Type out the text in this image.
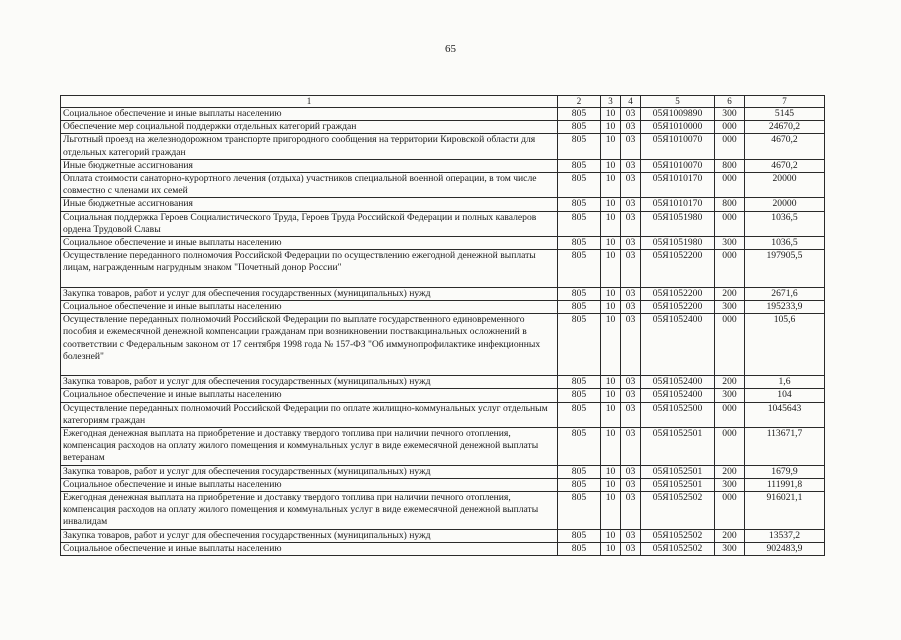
65
1	2	3	4	5	6	7
Социальное обеспечение и иные выплаты населению	805	10	03	05Я1009890	300	5145
Обеспечение мер социальной поддержки отдельных категорий граждан	805	10	03	05Я1010000	000	24670,2
Льготный проезд на железнодорожном транспорте пригородного сообщения на территории Кировской области для отдельных категорий граждан	805	10	03	05Я1010070	000	4670,2
Иные бюджетные ассигнования	805	10	03	05Я1010070	800	4670,2
Оплата стоимости санаторно-курортного лечения (отдыха) участников специальной военной операции, в том числе совместно с членами их семей	805	10	03	05Я1010170	000	20000
Иные бюджетные ассигнования	805	10	03	05Я1010170	800	20000
Социальная поддержка Героев Социалистического Труда, Героев Труда Российской Федерации и полных кавалеров ордена Трудовой Славы	805	10	03	05Я1051980	000	1036,5
Социальное обеспечение и иные выплаты населению	805	10	03	05Я1051980	300	1036,5
Осуществление переданного полномочия Российской Федерации по осуществлению ежегодной денежной выплаты лицам, награжденным нагрудным знаком "Почетный донор России"	805	10	03	05Я1052200	000	197905,5
Закупка товаров, работ и услуг для обеспечения государственных (муниципальных) нужд	805	10	03	05Я1052200	200	2671,6
Социальное обеспечение и иные выплаты населению	805	10	03	05Я1052200	300	195233,9
Осуществление переданных полномочий Российской Федерации по выплате государственного единовременного пособия и ежемесячной денежной компенсации гражданам при возникновении поствакцинальных осложнений в соответствии с Федеральным законом от 17 сентября 1998 года № 157-ФЗ "Об иммунопрофилактике инфекционных болезней"	805	10	03	05Я1052400	000	105,6
Закупка товаров, работ и услуг для обеспечения государственных (муниципальных) нужд	805	10	03	05Я1052400	200	1,6
Социальное обеспечение и иные выплаты населению	805	10	03	05Я1052400	300	104
Осуществление переданных полномочий Российской Федерации по оплате жилищно-коммунальных услуг отдельным категориям граждан	805	10	03	05Я1052500	000	1045643
Ежегодная денежная выплата на приобретение и доставку твердого топлива при наличии печного отопления, компенсация расходов на оплату жилого помещения и коммунальных услуг в виде ежемесячной денежной выплаты ветеранам	805	10	03	05Я1052501	000	113671,7
Закупка товаров, работ и услуг для обеспечения государственных (муниципальных) нужд	805	10	03	05Я1052501	200	1679,9
Социальное обеспечение и иные выплаты населению	805	10	03	05Я1052501	300	111991,8
Ежегодная денежная выплата на приобретение и доставку твердого топлива при наличии печного отопления, компенсация расходов на оплату жилого помещения и коммунальных услуг в виде ежемесячной денежной выплаты инвалидам	805	10	03	05Я1052502	000	916021,1
Закупка товаров, работ и услуг для обеспечения государственных (муниципальных) нужд	805	10	03	05Я1052502	200	13537,2
Социальное обеспечение и иные выплаты населению	805	10	03	05Я1052502	300	902483,9
